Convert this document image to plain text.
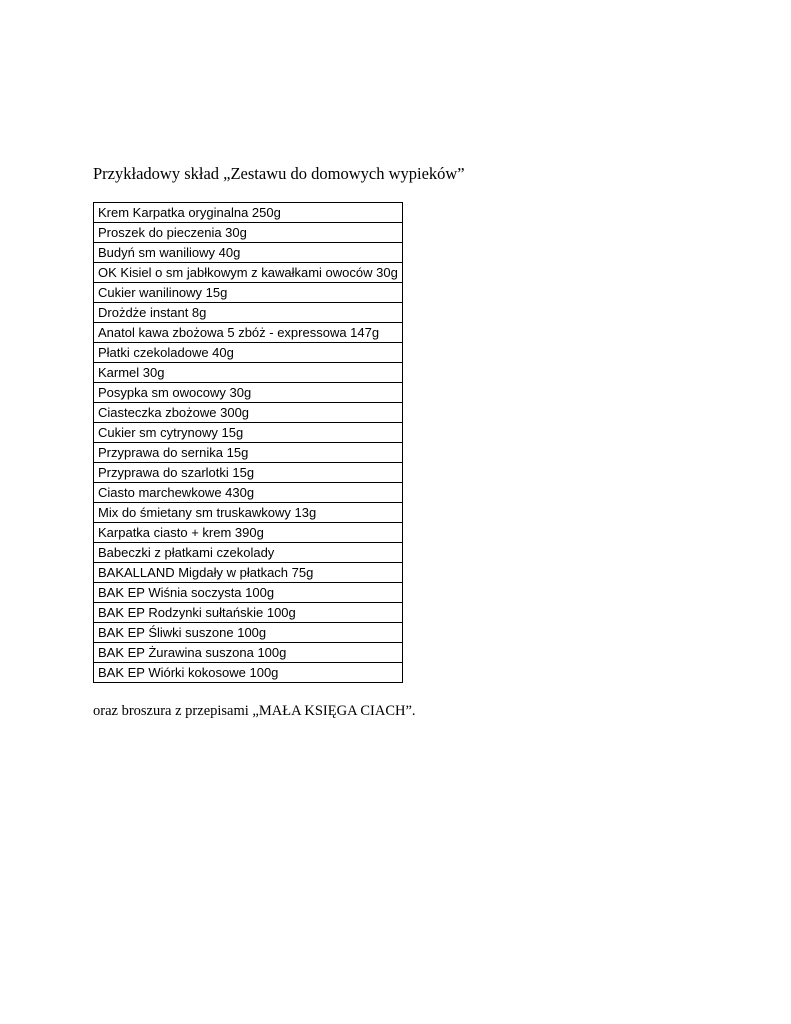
Przykładowy skład „Zestawu do domowych wypieków”
Krem Karpatka oryginalna 250g
Proszek do pieczenia 30g
Budyń sm waniliowy 40g
OK Kisiel o sm jabłkowym z kawałkami owoców 30g
Cukier wanilinowy 15g
Drożdże instant 8g
Anatol kawa zbożowa 5 zbóż - expressowa 147g
Płatki czekoladowe 40g
Karmel 30g
Posypka sm owocowy 30g
Ciasteczka zbożowe 300g
Cukier sm cytrynowy 15g
Przyprawa do sernika 15g
Przyprawa do szarlotki 15g
Ciasto marchewkowe 430g
Mix do śmietany sm truskawkowy 13g
Karpatka ciasto + krem 390g
Babeczki z płatkami czekolady
BAKALLAND Migdały w płatkach 75g
BAK EP Wiśnia soczysta 100g
BAK EP Rodzynki sułtańskie 100g
BAK EP Śliwki suszone 100g
BAK EP Żurawina suszona 100g
BAK EP Wiórki kokosowe 100g

oraz broszura z przepisami „MAŁA KSIĘGA CIACH”.
